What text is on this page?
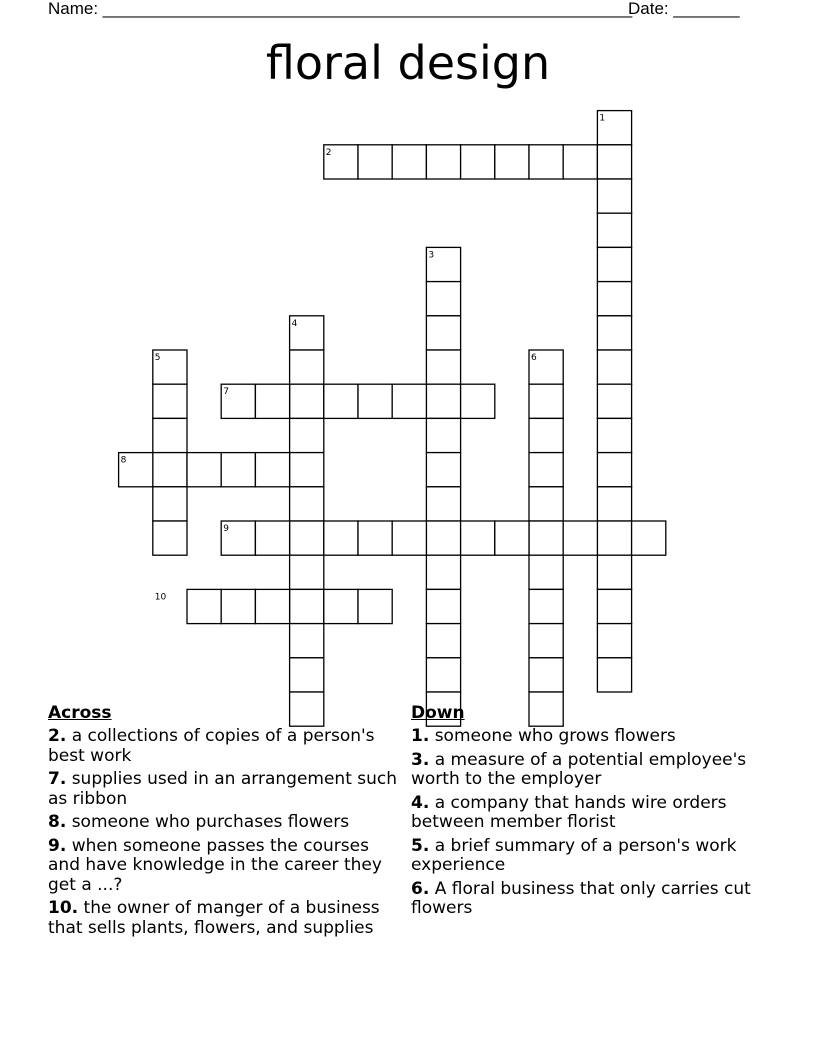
Name: ________________________________________________________
Date: _______
floral design
1
2
3
4
5	6
7
8
9
10
Across
2. a collections of copies of a person's best work
7. supplies used in an arrangement such as ribbon
8. someone who purchases flowers
9. when someone passes the courses and have knowledge in the career they get a ...?
10. the owner of manger of a business that sells plants, flowers, and supplies
Down
1. someone who grows flowers
3. a measure of a potential employee's worth to the employer
4. a company that hands wire orders between member florist
5. a brief summary of a person's work experience
6. A floral business that only carries cut flowers
